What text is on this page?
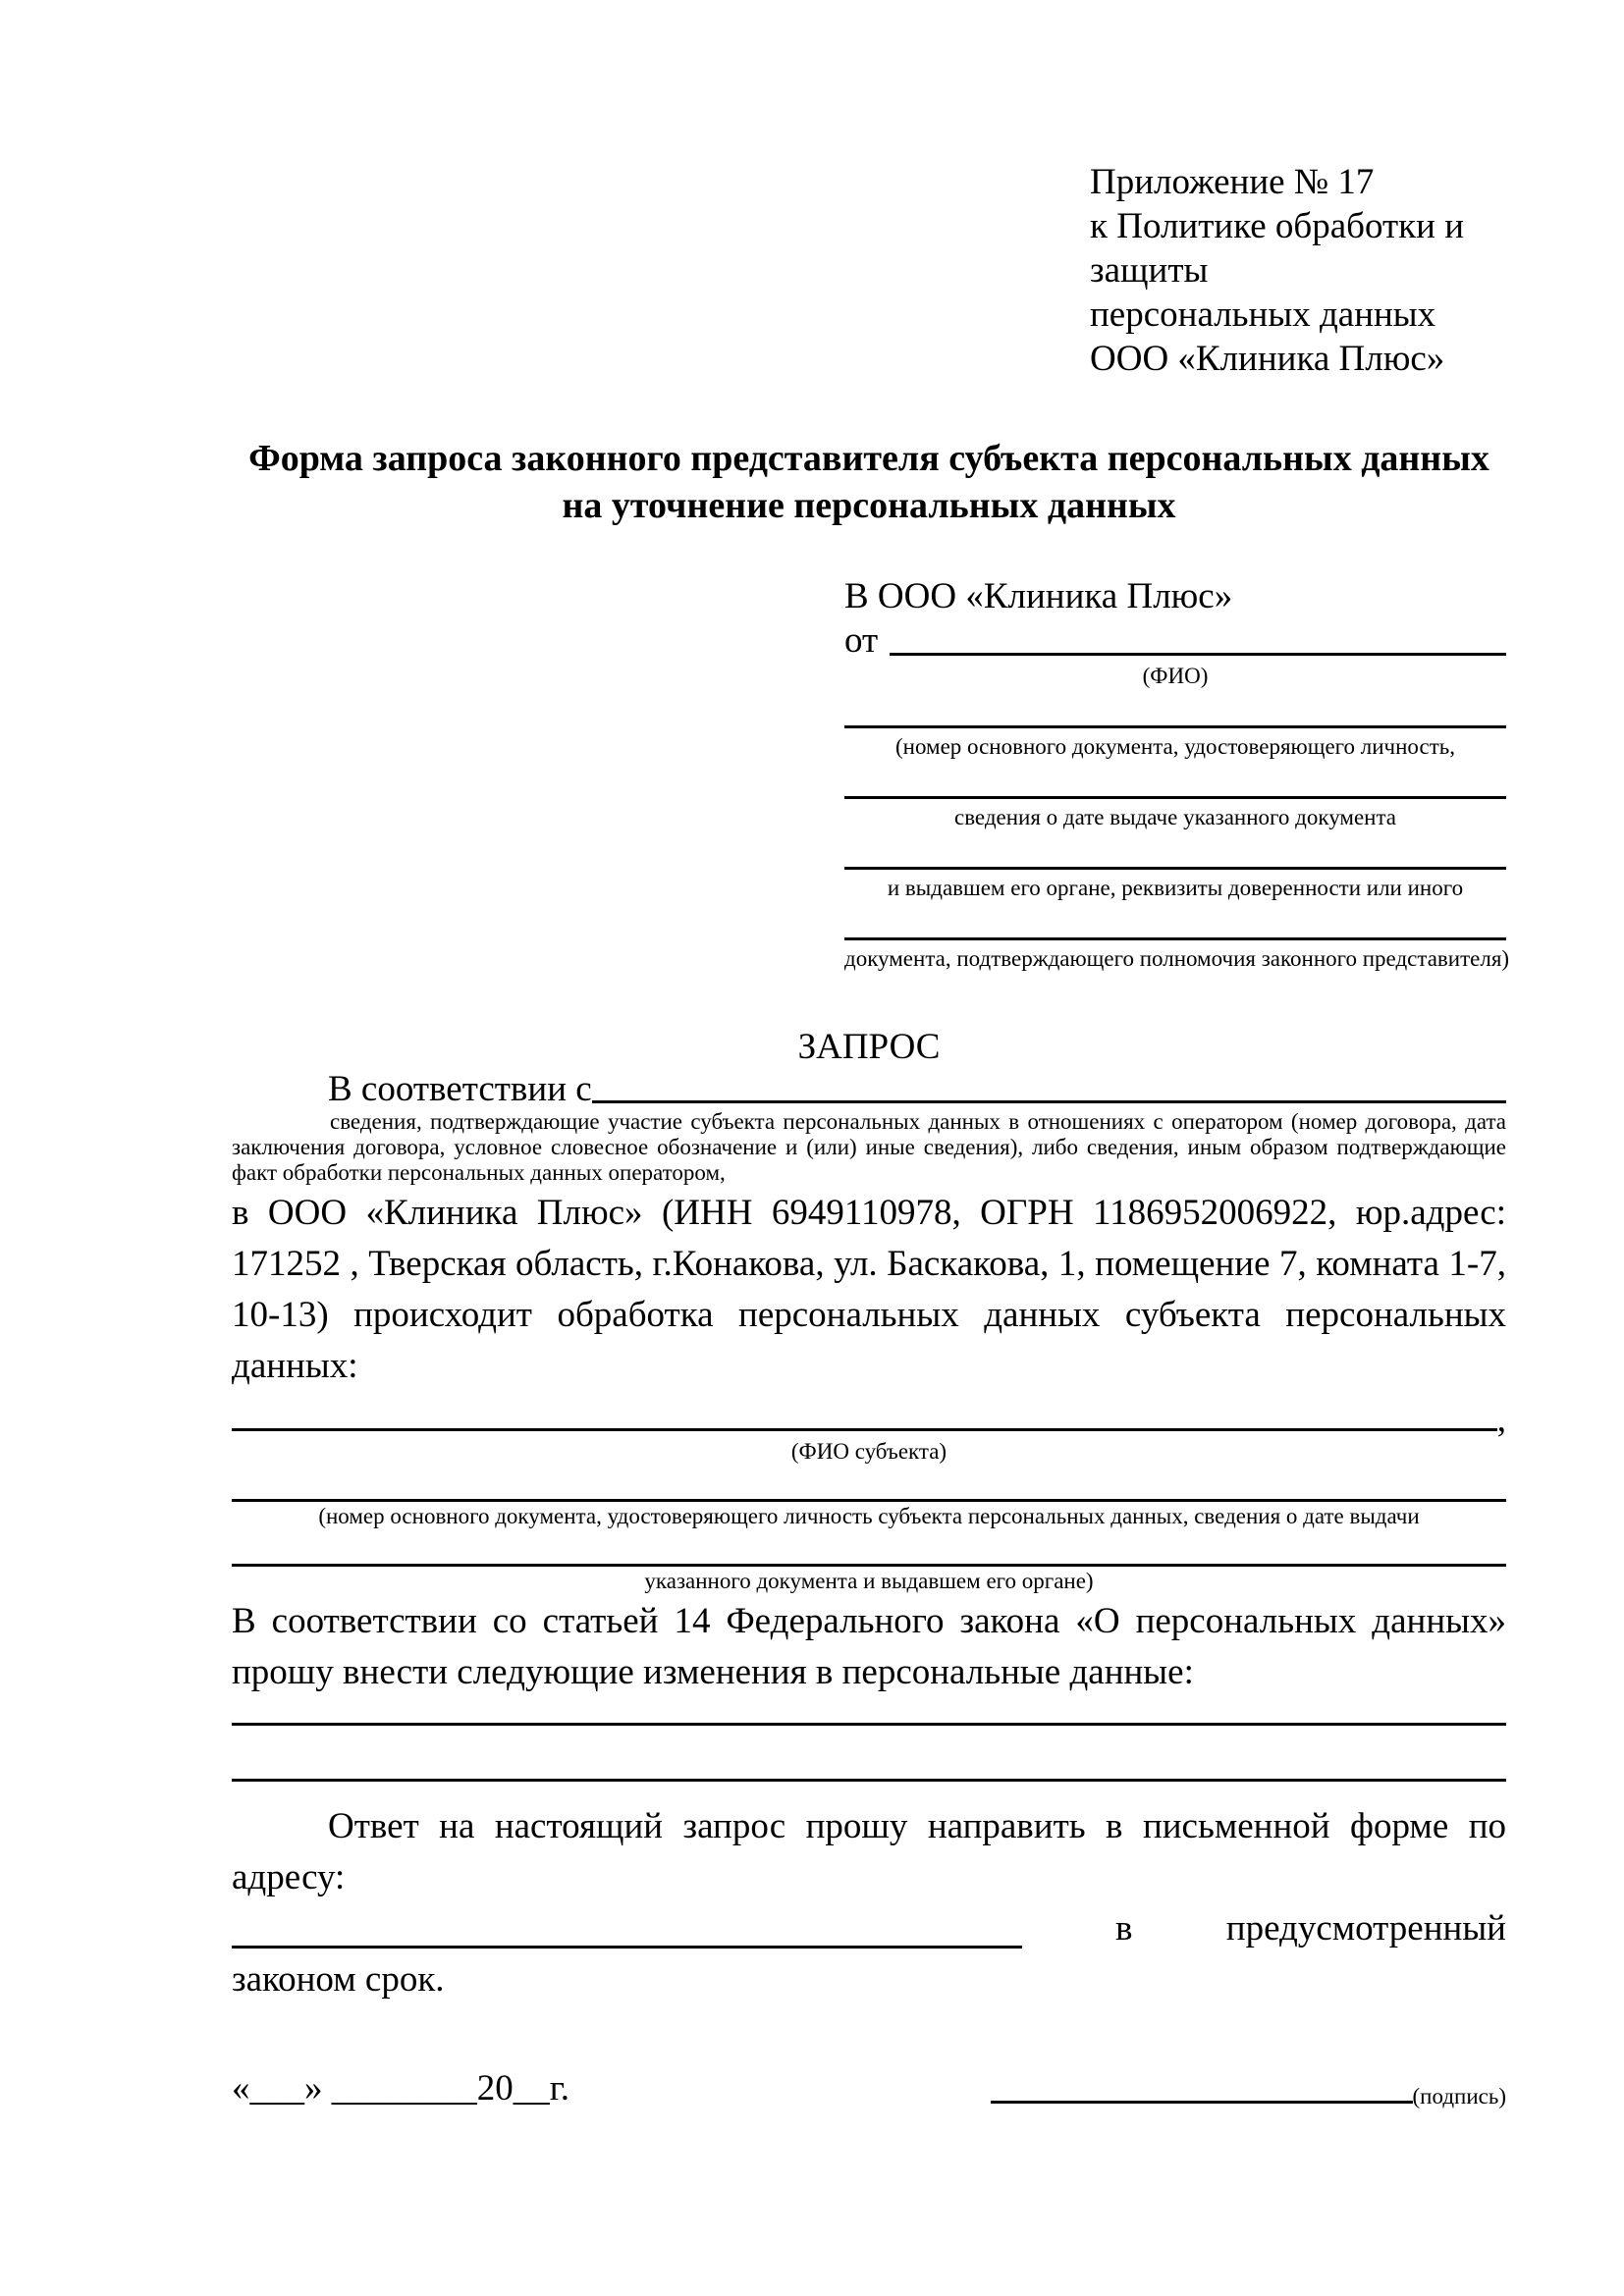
Приложение № 17
к Политике обработки и защиты
персональных данных
ООО «Клиника Плюс»
Форма запроса законного представителя субъекта персональных данных
на уточнение персональных данных
В ООО «Клиника Плюс»
от
(ФИО)
(номер основного документа, удостоверяющего личность,
сведения о дате выдаче указанного документа
и выдавшем его органе, реквизиты доверенности или иного
документа, подтверждающего полномочия законного представителя)
ЗАПРОС
В соответствии с
сведения, подтверждающие участие субъекта персональных данных в отношениях с оператором (номер договора, дата заключения договора, условное словесное обозначение и (или) иные сведения), либо сведения, иным образом подтверждающие факт обработки персональных данных оператором,
в ООО «Клиника Плюс» (ИНН 6949110978, ОГРН 1186952006922, юр.адрес: 171252 , Тверская область, г.Конакова, ул. Баскакова, 1, помещение 7, комната 1-7, 10-13) происходит обработка персональных данных субъекта персональных данных:
,
(ФИО субъекта)
(номер основного документа, удостоверяющего личность субъекта персональных данных, сведения о дате выдачи
указанного документа и выдавшем его органе)
В соответствии со статьей 14 Федерального закона «О персональных данных» прошу внести следующие изменения в персональные данные:
Ответ на настоящий запрос прошу направить в письменной форме по адресу:
в	предусмотренный
законом срок.
«___» ________20__г.	(подпись)
